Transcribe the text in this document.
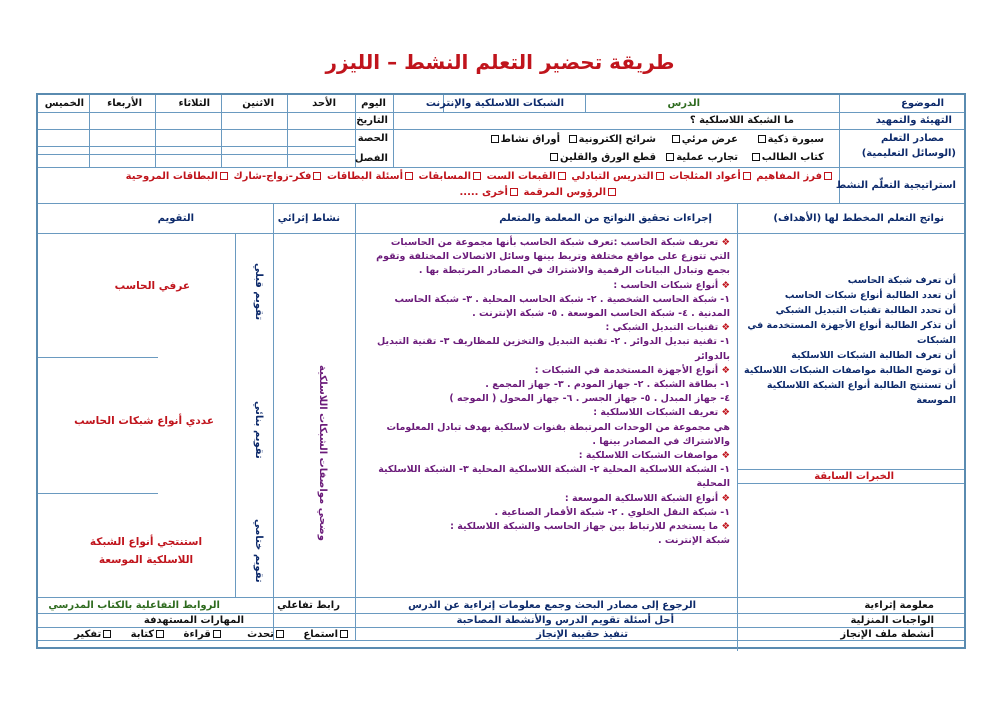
طريقة تحضير التعلم النشط – الليزر
الموضوع
الدرس
الشبكات اللاسلكية والإنترنت
اليوم
الأحد
الاثنين
الثلاثاء
الأربعاء
الخميس
التهيئة والتمهيد
ما الشبكة اللاسلكية ؟
التاريخ
مصادر التعلم
(الوسائل التعليمية)
سبورة ذكية
عرض مرئي
شرائح إلكترونية
أوراق نشاط
كتاب الطالب
تجارب عملية
قطع الورق والقلين
الحصة
الفصل
استراتيجية التعلّم النشط
فرز المفاهيم أعواد المثلجات التدريس التبادلي القبعات الست المسابقات أسئلة البطاقات فكر-زواج-شارك البطاقات المروحية
الرؤوس المرقمة أخرى .....
نواتج التعلم المخطط لها (الأهداف)
إجراءات تحقيق النواتج من المعلمة والمتعلم
نشاط إثرائي
التقويم
أن تعرف شبكة الحاسب
أن تعدد الطالبة أنواع شبكات الحاسب
أن تحدد الطالبة تقنيات التبديل الشبكي
أن تذكر الطالبة أنواع الأجهزة المستخدمة في
الشبكات
أن تعرف الطالبة الشبكات اللاسلكية
أن توضح الطالبة مواصفات الشبكات اللاسلكية
أن تستنتج الطالبة أنواع الشبكة اللاسلكية
الموسعة
الخبرات السابقة
❖ تعريف شبكة الحاسب :تعرف شبكة الحاسب بأنها مجموعة من الحاسبات
التي تتوزع على مواقع مختلفة وتربط بينها وسائل الاتصالات المختلفة وتقوم
بجمع وتبادل البيانات الرقمية والاشتراك في المصادر المرتبطة بها .
❖ أنواع شبكات الحاسب :
١- شبكة الحاسب الشخصية . ٢- شبكة الحاسب المحلية . ٣- شبكة الحاسب
المدنية . ٤- شبكة الحاسب الموسعة . ٥- شبكة الإنترنت .
❖ تقنيات التبديل الشبكي :
١- تقنية تبديل الدوائر . ٢- تقنية التبديل والتخزين للمظاريف ٣- تقنية التبديل
بالدوائر
❖ أنواع الأجهزة المستخدمة في الشبكات :
١- بطاقة الشبكة . ٢- جهاز المودم . ٣- جهاز المجمع .
٤- جهاز المبدل . ٥- جهاز الجسر . ٦- جهاز المحول ( الموجه )
❖ تعريف الشبكات اللاسلكية :
هي مجموعة من الوحدات المرتبطة بقنوات لاسلكية بهدف تبادل المعلومات
والاشتراك في المصادر بينها .
❖ مواصفات الشبكات اللاسلكية :
١- الشبكة اللاسلكية المحلية ٢- الشبكة اللاسلكية المحلية ٣- الشبكة اللاسلكية
المحلية
❖ أنواع الشبكة اللاسلكية الموسعة :
١- شبكة النقل الخلوي . ٢- شبكة الأقمار الصناعية .
❖ ما يستخدم للارتباط بين جهاز الحاسب والشبكة اللاسلكية :
شبكة الإنترنت .
وضحي مواصفات الشبكات اللاسلكية
تقويم قبلي
عرفي الحاسب
تقويم بنائي
عددي أنواع شبكات الحاسب
تقويم ختامي
استنتجي أنواع الشبكة اللاسلكية الموسعة
معلومة إثراءية
الرجوع إلى مصادر البحث وجمع معلومات إثراءية عن الدرس
رابط تفاعلي
الروابط التفاعلية بالكتاب المدرسي
الواجبات المنزلية
أحل أسئلة تقويم الدرس والأنشطة المصاحبة
المهارات المستهدفة
أنشطة ملف الإنجاز
تنفيذ حقيبة الإنجاز
استماع     تحدث       قراءة     كتابة     تفكير
